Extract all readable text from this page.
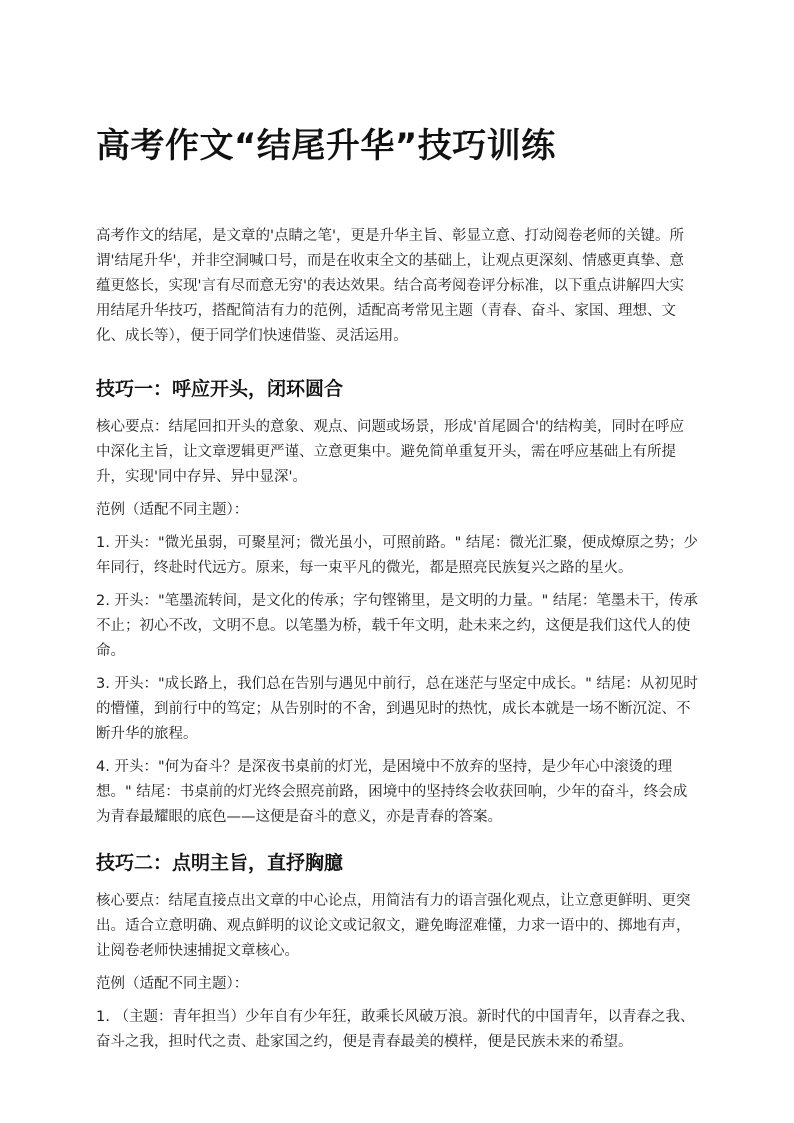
高考作文“结尾升华”技巧训练

高考作文的结尾，是文章的'点睛之笔'，更是升华主旨、彰显立意、打动阅卷老师的关键。所谓'结尾升华'，并非空洞喊口号，而是在收束全文的基础上，让观点更深刻、情感更真挚、意蕴更悠长，实现'言有尽而意无穷'的表达效果。结合高考阅卷评分标准，以下重点讲解四大实用结尾升华技巧，搭配简洁有力的范例，适配高考常见主题（青春、奋斗、家国、理想、文化、成长等），便于同学们快速借鉴、灵活运用。

技巧一：呼应开头，闭环圆合

核心要点：结尾回扣开头的意象、观点、问题或场景，形成'首尾圆合'的结构美，同时在呼应中深化主旨，让文章逻辑更严谨、立意更集中。避免简单重复开头，需在呼应基础上有所提升，实现'同中存异、异中显深'。

范例（适配不同主题）：

1. 开头："微光虽弱，可聚星河；微光虽小，可照前路。" 结尾：微光汇聚，便成燎原之势；少年同行，终赴时代远方。原来，每一束平凡的微光，都是照亮民族复兴之路的星火。
2. 开头："笔墨流转间，是文化的传承；字句铿锵里，是文明的力量。" 结尾：笔墨未干，传承不止；初心不改，文明不息。以笔墨为桥，载千年文明，赴未来之约，这便是我们这代人的使命。
3. 开头："成长路上，我们总在告别与遇见中前行，总在迷茫与坚定中成长。" 结尾：从初见时的懵懂，到前行中的笃定；从告别时的不舍，到遇见时的热忱，成长本就是一场不断沉淀、不断升华的旅程。
4. 开头："何为奋斗？是深夜书桌前的灯光，是困境中不放弃的坚持，是少年心中滚烫的理想。" 结尾：书桌前的灯光终会照亮前路，困境中的坚持终会收获回响，少年的奋斗，终会成为青春最耀眼的底色——这便是奋斗的意义，亦是青春的答案。
技巧二：点明主旨，直抒胸臆

核心要点：结尾直接点出文章的中心论点，用简洁有力的语言强化观点，让立意更鲜明、更突出。适合立意明确、观点鲜明的议论文或记叙文，避免晦涩难懂，力求一语中的、掷地有声，让阅卷老师快速捕捉文章核心。

范例（适配不同主题）：

1. （主题：青年担当）少年自有少年狂，敢乘长风破万浪。新时代的中国青年，以青春之我、奋斗之我，担时代之责、赴家国之约，便是青春最美的模样，便是民族未来的希望。
